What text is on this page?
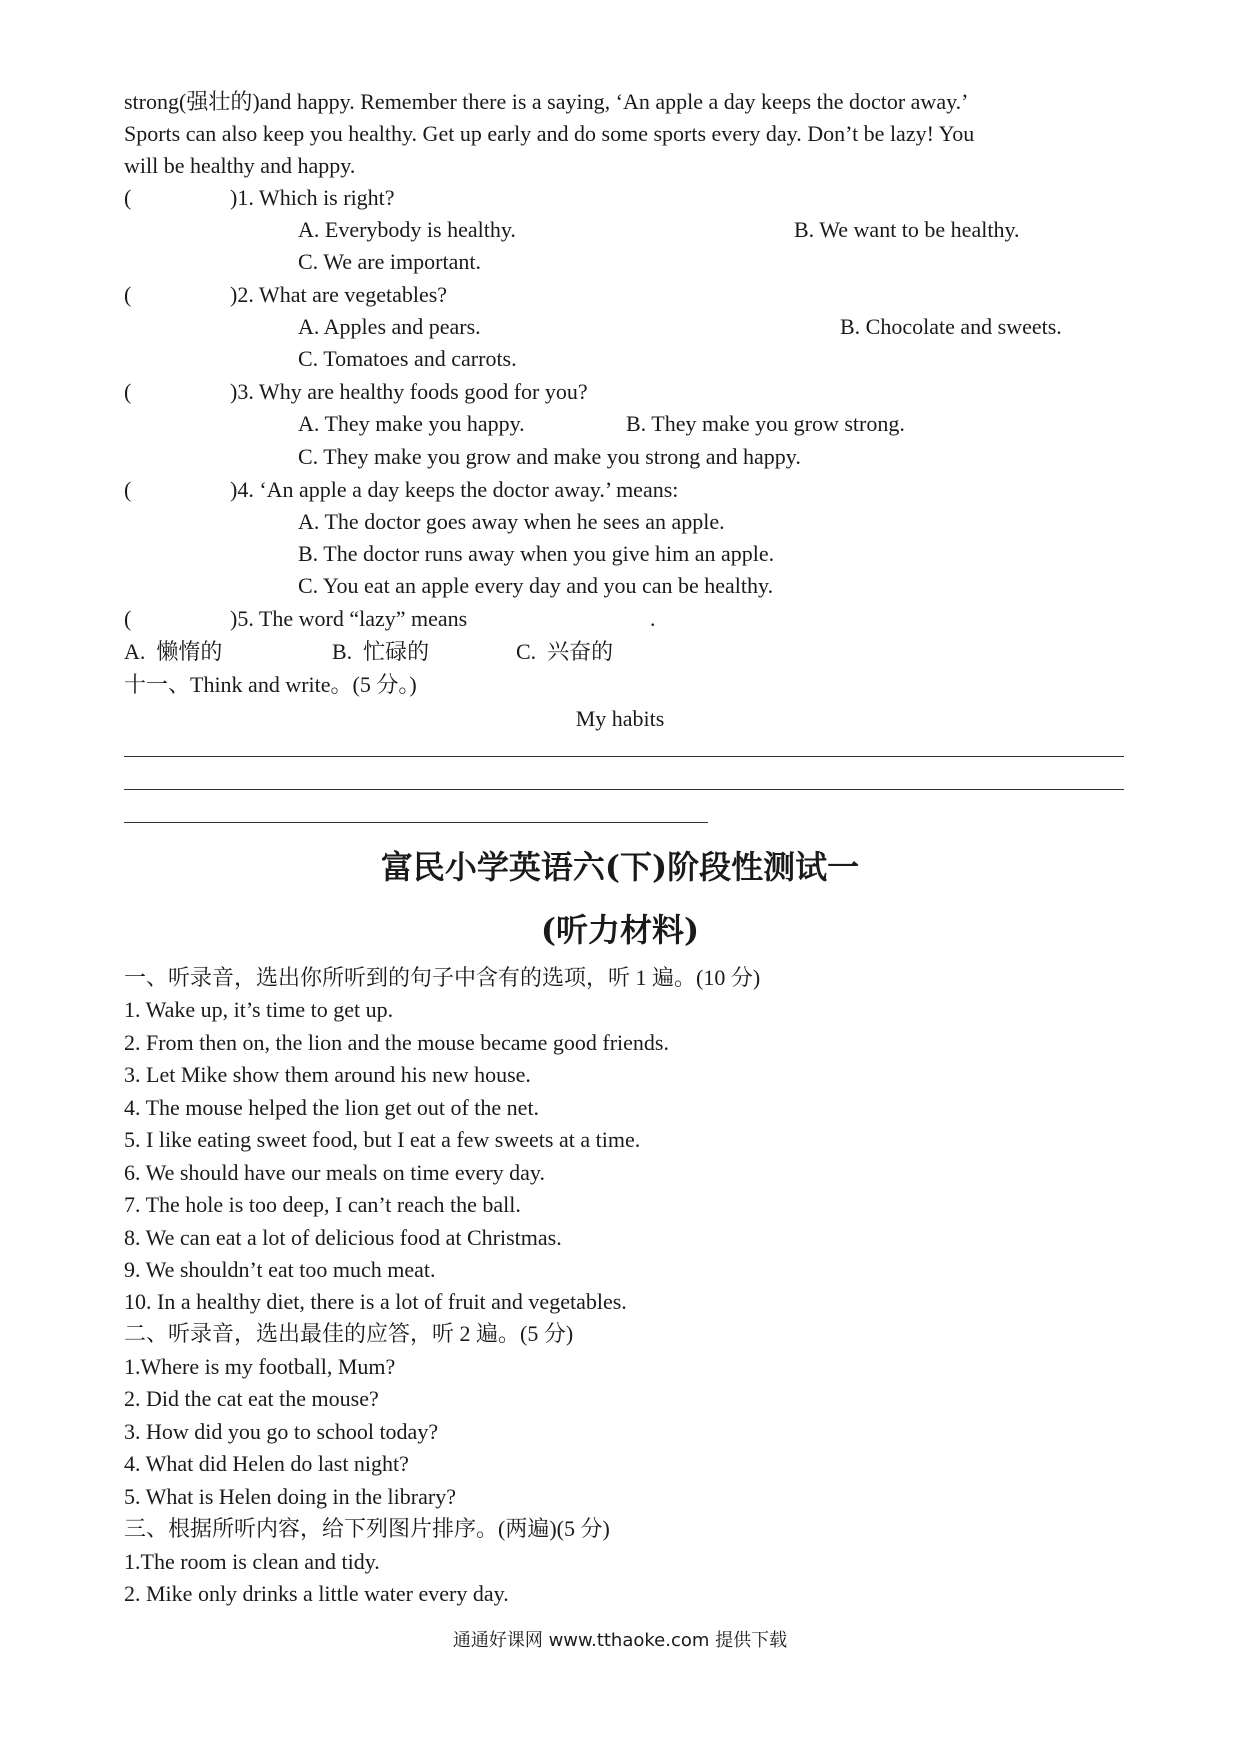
strong(强壮的)and happy. Remember there is a saying, ‘An apple a day keeps the doctor away.’
Sports can also keep you healthy. Get up early and do some sports every day. Don’t be lazy! You
will be healthy and happy.
(	)1. Which is right?
A. Everybody is healthy.	B. We want to be healthy.
C. We are important.
(	)2. What are vegetables?
A. Apples and pears.	B. Chocolate and sweets.
C. Tomatoes and carrots.
(	)3. Why are healthy foods good for you?
A. They make you happy.	B. They make you grow strong.
C. They make you grow and make you strong and happy.
(	)4. ‘An apple a day keeps the doctor away.’ means:
A. The doctor goes away when he sees an apple.
B. The doctor runs away when you give him an apple.
C. You eat an apple every day and you can be healthy.
(	)5. The word “lazy” means	.
A.  懒惰的	B.  忙碌的	C.  兴奋的
十一、Think and write。(5 分。)
My habits
富民小学英语六(下)阶段性测试一
(听力材料)
一、听录音，选出你所听到的句子中含有的选项，听 1 遍。(10 分)
1. Wake up, it’s time to get up.
2. From then on, the lion and the mouse became good friends.
3. Let Mike show them around his new house.
4. The mouse helped the lion get out of the net.
5. I like eating sweet food, but I eat a few sweets at a time.
6. We should have our meals on time every day.
7. The hole is too deep, I can’t reach the ball.
8. We can eat a lot of delicious food at Christmas.
9. We shouldn’t eat too much meat.
10. In a healthy diet, there is a lot of fruit and vegetables.
二、听录音，选出最佳的应答，听 2 遍。(5 分)
1.Where is my football, Mum?
2. Did the cat eat the mouse?
3. How did you go to school today?
4. What did Helen do last night?
5. What is Helen doing in the library?
三、根据所听内容，给下列图片排序。(两遍)(5 分)
1.The room is clean and tidy.
2. Mike only drinks a little water every day.
通通好课网 www.tthaoke.com 提供下载
